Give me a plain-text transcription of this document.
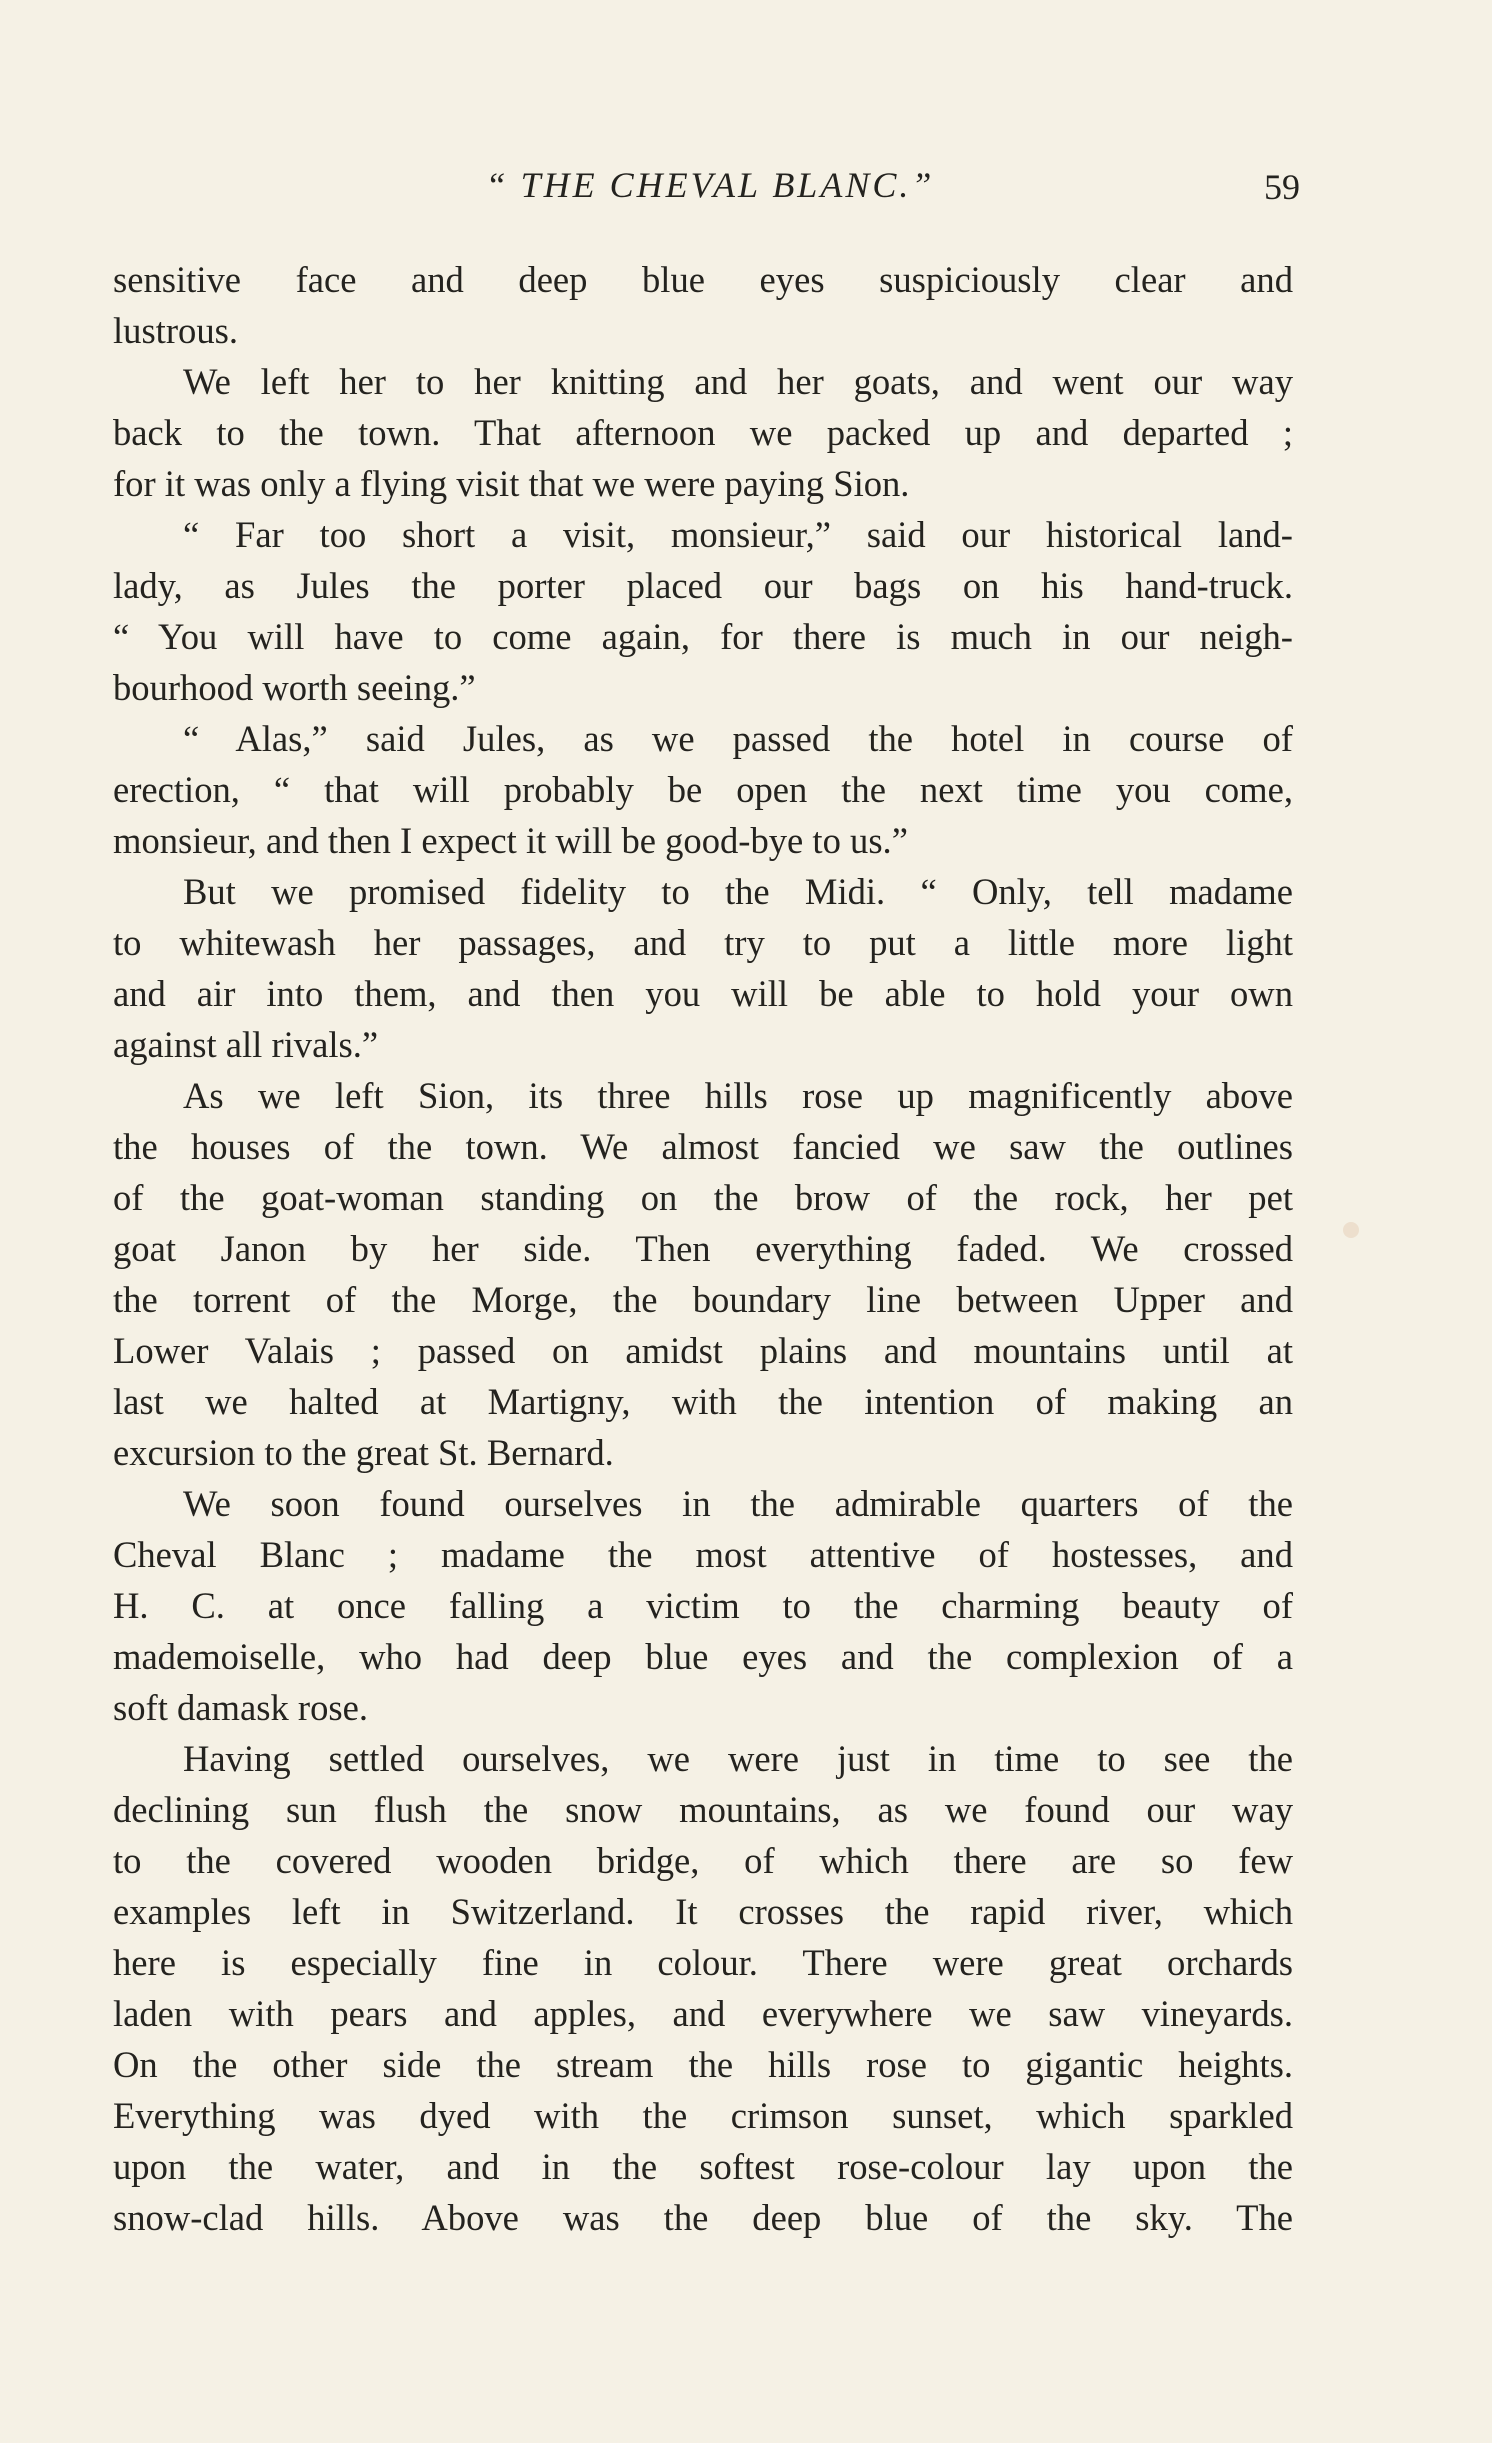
“ THE CHEVAL BLANC.”	59
sensitive face and deep blue eyes suspiciously clear and
lustrous.
We left her to her knitting and her goats, and went our way
back to the town. That afternoon we packed up and departed ;
for it was only a flying visit that we were paying Sion.
“ Far too short a visit, monsieur,” said our historical land-
lady, as Jules the porter placed our bags on his hand-truck.
“ You will have to come again, for there is much in our neigh-
bourhood worth seeing.”
“ Alas,” said Jules, as we passed the hotel in course of
erection, “ that will probably be open the next time you come,
monsieur, and then I expect it will be good-bye to us.”
But we promised fidelity to the Midi. “ Only, tell madame
to whitewash her passages, and try to put a little more light
and air into them, and then you will be able to hold your own
against all rivals.”
As we left Sion, its three hills rose up magnificently above
the houses of the town. We almost fancied we saw the outlines
of the goat-woman standing on the brow of the rock, her pet
goat Janon by her side. Then everything faded. We crossed
the torrent of the Morge, the boundary line between Upper and
Lower Valais ; passed on amidst plains and mountains until at
last we halted at Martigny, with the intention of making an
excursion to the great St. Bernard.
We soon found ourselves in the admirable quarters of the
Cheval Blanc ; madame the most attentive of hostesses, and
H. C. at once falling a victim to the charming beauty of
mademoiselle, who had deep blue eyes and the complexion of a
soft damask rose.
Having settled ourselves, we were just in time to see the
declining sun flush the snow mountains, as we found our way
to the covered wooden bridge, of which there are so few
examples left in Switzerland. It crosses the rapid river, which
here is especially fine in colour. There were great orchards
laden with pears and apples, and everywhere we saw vineyards.
On the other side the stream the hills rose to gigantic heights.
Everything was dyed with the crimson sunset, which sparkled
upon the water, and in the softest rose-colour lay upon the
snow-clad hills. Above was the deep blue of the sky. The
